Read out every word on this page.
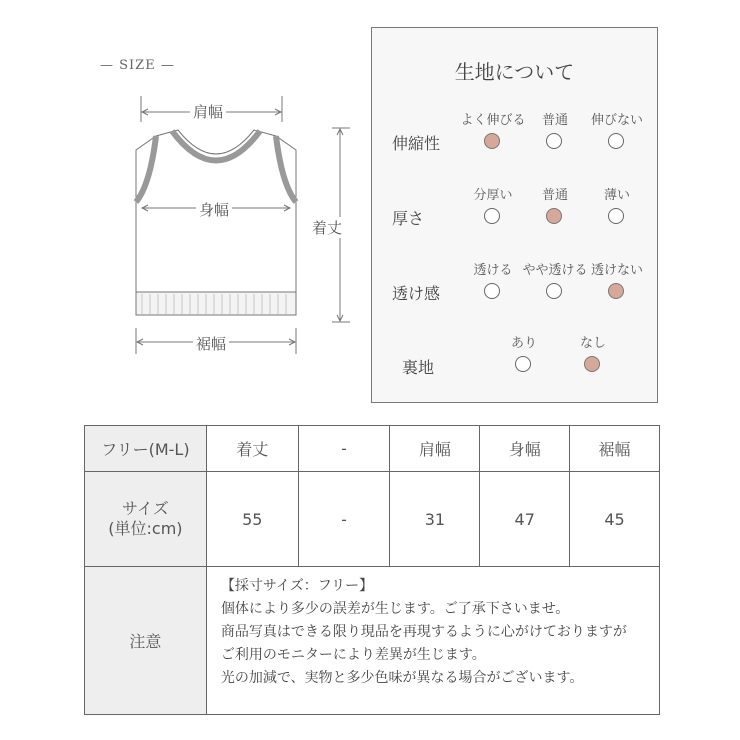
— SIZE —
肩幅
身幅
着丈
裾幅
生地について
伸縮性
よく伸びる	普通	伸びない
厚さ
分厚い	普通	薄い
透け感
透ける やや透ける 透けない
裏地
あり	なし
フリー(M-L)	着丈	-	肩幅	身幅	裾幅

サイズ
(単位:cm)	55	-	31	47	45
注意	【採寸サイズ：フリー】
個体により多少の誤差が生じます。ご了承下さいませ。
商品写真はできる限り現品を再現するように心がけておりますが
ご利用のモニターにより差異が生じます。
光の加減で、実物と多少色味が異なる場合がございます。				
